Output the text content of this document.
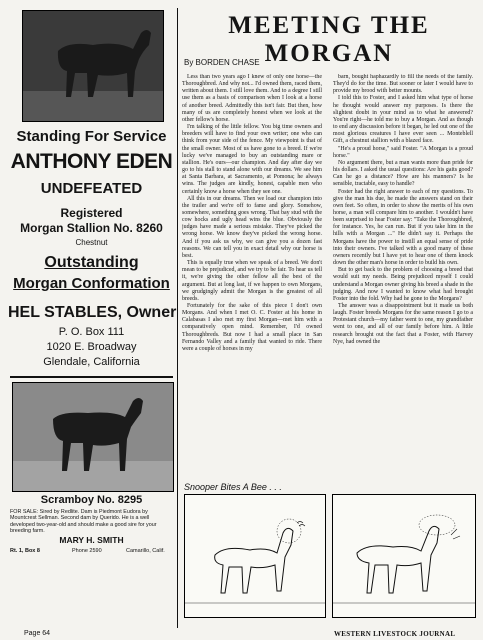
Standing For Service
ANTHONY EDEN
UNDEFEATED
Registered
Morgan Stallion No. 8260
Chestnut
Outstanding
Morgan Conformation
HEL STABLES, Owner
P. O. Box 111
1020 E. Broadway
Glendale, California
Scramboy No. 8295
FOR SALE: Sired by Redlite. Dam is Piedmont Eudora by Mountcrest Sellman. Second dam by Querido. He is a well developed two-year-old and should make a good sire for your breeding farm.
MARY H. SMITH
Rt. 1, Box 8	Phone 2590	Camarillo, Calif.
MEETING THE MORGAN
By BORDEN CHASE

Less than two years ago I knew of only one horse—the Thoroughbred. And why not... I'd owned them, raced them, written about them. I still love them. And to a degree I still use them as a basis of comparison when I look at a horse of another breed. Admittedly this isn't fair. But then, how many of us are completely honest when we look at the other fellow's horse.

I'm talking of the little fellow. You big time owners and breeders will have to find your own writer; one who can think from your side of the fence. My viewpoint is that of the small owner. Most of us have gone to a breed. If we're lucky we've managed to buy an outstanding mare or stallion. He's ours—our champion. And day after day we go to his stall to stand alone with our dreams. We see him at Santa Barbara, at Sacramento, at Pomona; he always wins. The judges are kindly, honest, capable men who certainly know a horse when they see one.

All this in our dreams. Then we load our champion into the trailer and we're off to fame and glory. Somehow, somewhere, something goes wrong. That bay stud with the cow hocks and ugly head wins the blue. Obviously the judges have made a serious mistake. They've picked the wrong horse. We know they've picked the wrong horse. And if you ask us why, we can give you a dozen fast reasons. We can tell you in exact detail why our horse is best.

This is equally true when we speak of a breed. We don't mean to be prejudiced, and we try to be fair. To hear us tell it, we're giving the other fellow all the best of the argument. But at long last, if we happen to own Morgans, we grudgingly admit the Morgan is the greatest of all breeds.

Fortunately for the sake of this piece I don't own Morgans. And when I met O. C. Foster at his home in Calabasas I also met my first Morgan—met him with a comparatively open mind. Remember, I'd owned Thoroughbreds. But now I had a small place in San Fernando Valley and a family that wanted to ride. There were a couple of horses in my

barn, bought haphazardly to fill the needs of the family. They'd do for the time. But sooner or later I would have to provide my brood with better mounts.

I told this to Foster, and I asked him what type of horse he thought would answer my purposes. Is there the slightest doubt in your mind as to what he answered? You're right—he told me to buy a Morgan. And as though to end any discussion before it began, he led out one of the most glorious creatures I have ever seen ... Monteblell Gift, a chestnut stallion with a blazed face.

"He's a proud horse," said Foster. "A Morgan is a proud horse."

No argument there, but a man wants more than pride for his dollars. I asked the usual questions: Are his gaits good? Can he go a distance? How are his manners? Is he sensible, tractable, easy to handle?

Foster had the right answer to each of my questions. To give the man his due, he made the answers stand on their own feet. So often, in order to show the merits of his own horse, a man will compare him to another. I wouldn't have been surprised to hear Foster say: "Take the Thoroughbred, for instance. Yes, he can run. But if you take him in the hills with a Morgan ..." He didn't say it. Perhaps the Morgans have the power to instill an equal sense of pride into their owners. I've talked with a good many of these owners recently but I have yet to hear one of them knock down the other man's horse in order to build his own.

But to get back to the problem of choosing a breed that would suit my needs. Being prejudiced myself I could understand a Morgan owner giving his breed a shade in the judging. And now I wanted to know what had brought Foster into the fold. Why had he gone to the Morgans?

The answer was a disappointment but it made us both laugh. Foster breeds Morgans for the same reason I go to a Protestant church—my father went to one, my grandfather went to one, and all of our family before him. A little research brought out the fact that a Foster, with Harvey Nye, had owned the

Snooper Bites A Bee . . .
Page 64	WESTERN LIVESTOCK JOURNAL
